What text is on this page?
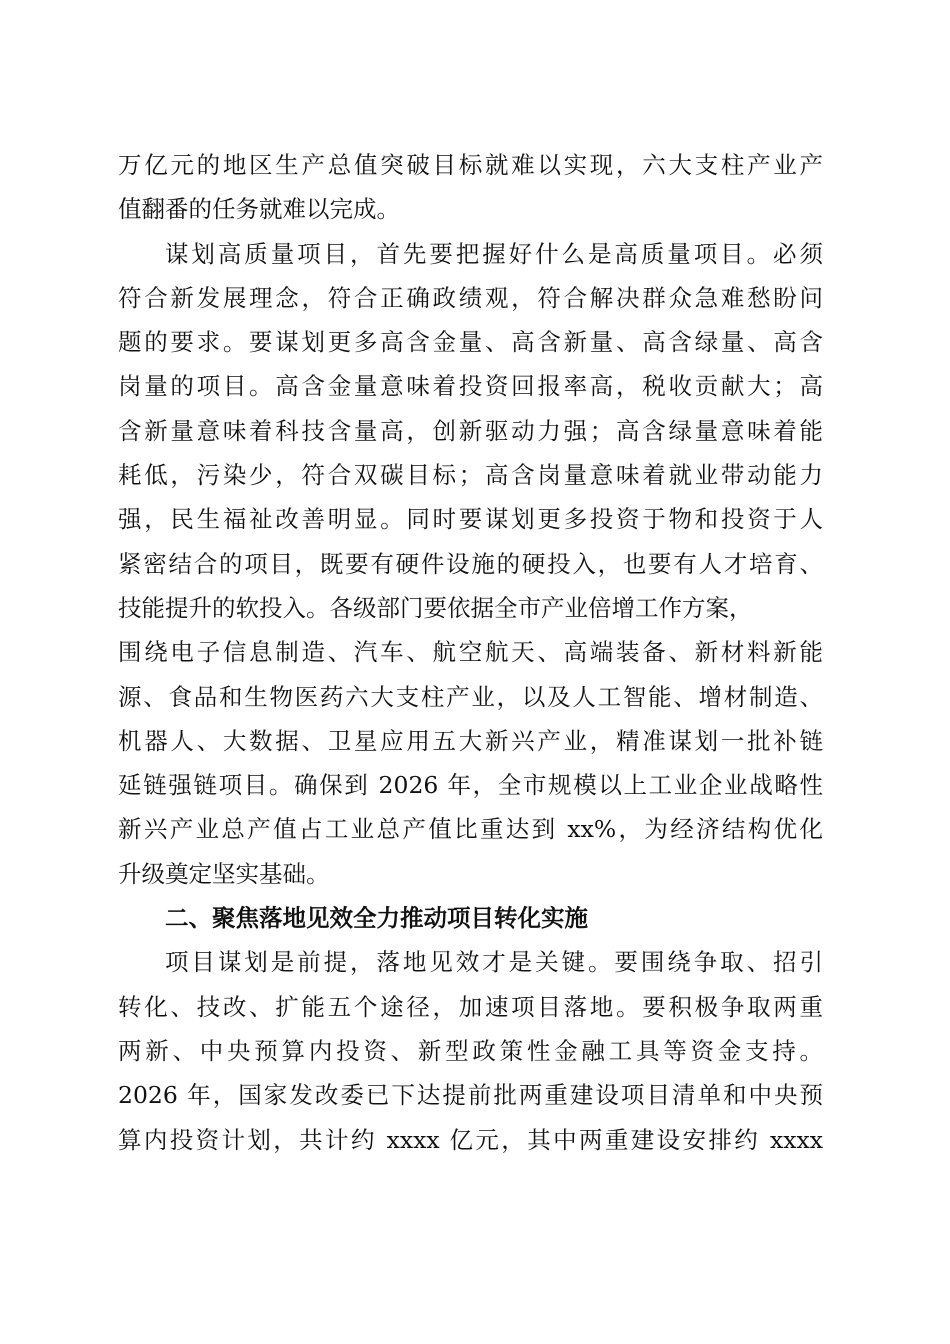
万亿元的地区生产总值突破目标就难以实现，六大支柱产业产
值翻番的任务就难以完成。
谋划高质量项目，首先要把握好什么是高质量项目。必须
符合新发展理念，符合正确政绩观，符合解决群众急难愁盼问
题的要求。要谋划更多高含金量、高含新量、高含绿量、高含
岗量的项目。高含金量意味着投资回报率高，税收贡献大；高
含新量意味着科技含量高，创新驱动力强；高含绿量意味着能
耗低，污染少，符合双碳目标；高含岗量意味着就业带动能力
强，民生福祉改善明显。同时要谋划更多投资于物和投资于人
紧密结合的项目，既要有硬件设施的硬投入，也要有人才培育、
技能提升的软投入。各级部门要依据全市产业倍增工作方案，
围绕电子信息制造、汽车、航空航天、高端装备、新材料新能
源、食品和生物医药六大支柱产业，以及人工智能、增材制造、
机器人、大数据、卫星应用五大新兴产业，精准谋划一批补链
延链强链项目。确保到 2026 年，全市规模以上工业企业战略性
新兴产业总产值占工业总产值比重达到 xx%，为经济结构优化
升级奠定坚实基础。
二、聚焦落地见效全力推动项目转化实施
项目谋划是前提，落地见效才是关键。要围绕争取、招引
转化、技改、扩能五个途径，加速项目落地。要积极争取两重
两新、中央预算内投资、新型政策性金融工具等资金支持。
2026 年，国家发改委已下达提前批两重建设项目清单和中央预
算内投资计划，共计约 xxxx 亿元，其中两重建设安排约 xxxx
